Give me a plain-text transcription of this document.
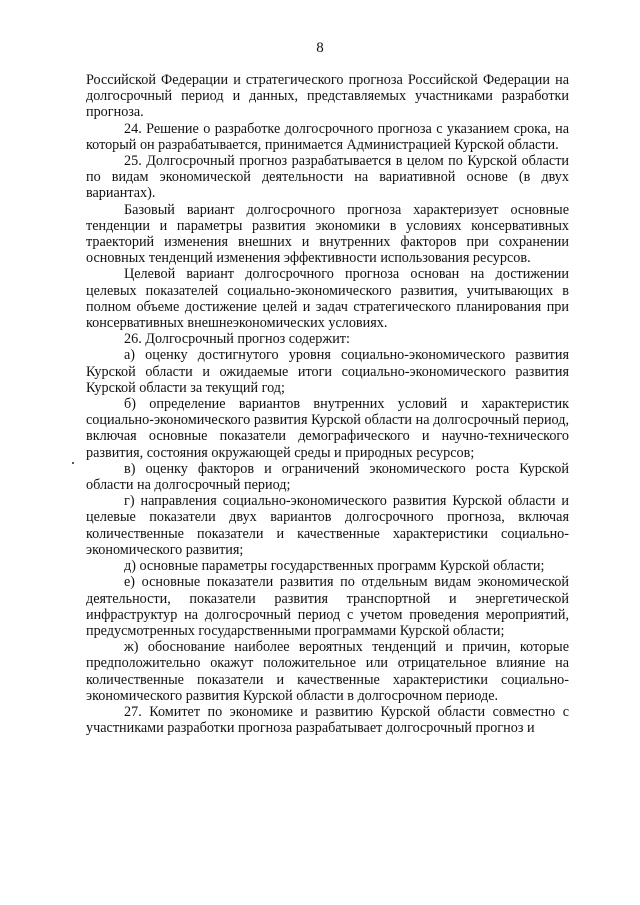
8

Российской Федерации и стратегического прогноза Российской Федерации на долгосрочный период и данных, представляемых участниками разработки прогноза.

24. Решение о разработке долгосрочного прогноза с указанием срока, на который он разрабатывается, принимается Администрацией Курской области.

25. Долгосрочный прогноз разрабатывается в целом по Курской области по видам экономической деятельности на вариативной основе (в двух вариантах).

Базовый вариант долгосрочного прогноза характеризует основные тенденции и параметры развития экономики в условиях консервативных траекторий изменения внешних и внутренних факторов при сохранении основных тенденций изменения эффективности использования ресурсов.

Целевой вариант долгосрочного прогноза основан на достижении целевых показателей социально-экономического развития, учитывающих в полном объеме достижение целей и задач стратегического планирования при консервативных внешнеэкономических условиях.

26. Долгосрочный прогноз содержит:

а) оценку достигнутого уровня социально-экономического развития Курской области и ожидаемые итоги социально-экономического развития Курской области за текущий год;

б) определение вариантов внутренних условий и характеристик социально-экономического развития Курской области на долгосрочный период, включая основные показатели демографического и научно-технического развития, состояния окружающей среды и природных ресурсов;

в) оценку факторов и ограничений экономического роста Курской области на долгосрочный период;

г) направления социально-экономического развития Курской области и целевые показатели двух вариантов долгосрочного прогноза, включая количественные показатели и качественные характеристики социально-экономического развития;

д) основные параметры государственных программ Курской области;

е) основные показатели развития по отдельным видам экономической деятельности, показатели развития транспортной и энергетической инфраструктур на долгосрочный период с учетом проведения мероприятий, предусмотренных государственными программами Курской области;

ж) обоснование наиболее вероятных тенденций и причин, которые предположительно окажут положительное или отрицательное влияние на количественные показатели и качественные характеристики социально-экономического развития Курской области в долгосрочном периоде.

27. Комитет по экономике и развитию Курской области совместно с участниками разработки прогноза разрабатывает долгосрочный прогноз и
